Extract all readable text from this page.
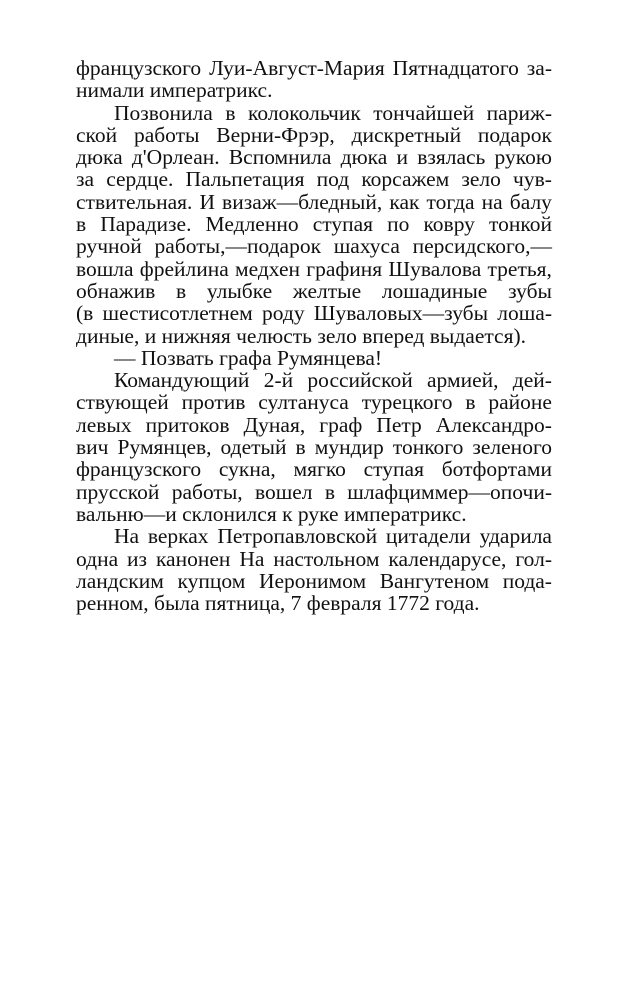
французского Луи-Август-Мария Пятнадцатого за-
нимали императрикс.
Позвонила в колокольчик тончайшей париж-
ской работы Верни-Фрэр, дискретный подарок
дюка д'Орлеан. Вспомнила дюка и взялась рукою
за сердце. Пальпетация под корсажем зело чув-
ствительная. И визаж—бледный, как тогда на балу
в Парадизе. Медленно ступая по ковру тонкой
ручной работы,—подарок шахуса персидского,—
вошла фрейлина медхен графиня Шувалова третья,
обнажив в улыбке желтые лошадиные зубы
(в шестисотлетнем роду Шуваловых—зубы лоша-
диные, и нижняя челюсть зело вперед выдается).
— Позвать графа Румянцева!
Командующий 2-й российской армией, дей-
ствующей против султануса турецкого в районе
левых притоков Дуная, граф Петр Александро-
вич Румянцев, одетый в мундир тонкого зеленого
французского сукна, мягко ступая ботфортами
прусской работы, вошел в шлафциммер—опочи-
вальню—и склонился к руке императрикс.
На верках Петропавловской цитадели ударила
одна из канонен На настольном календарусе, гол-
ландским купцом Иеронимом Вангутеном пода-
ренном, была пятница, 7 февраля 1772 года.
